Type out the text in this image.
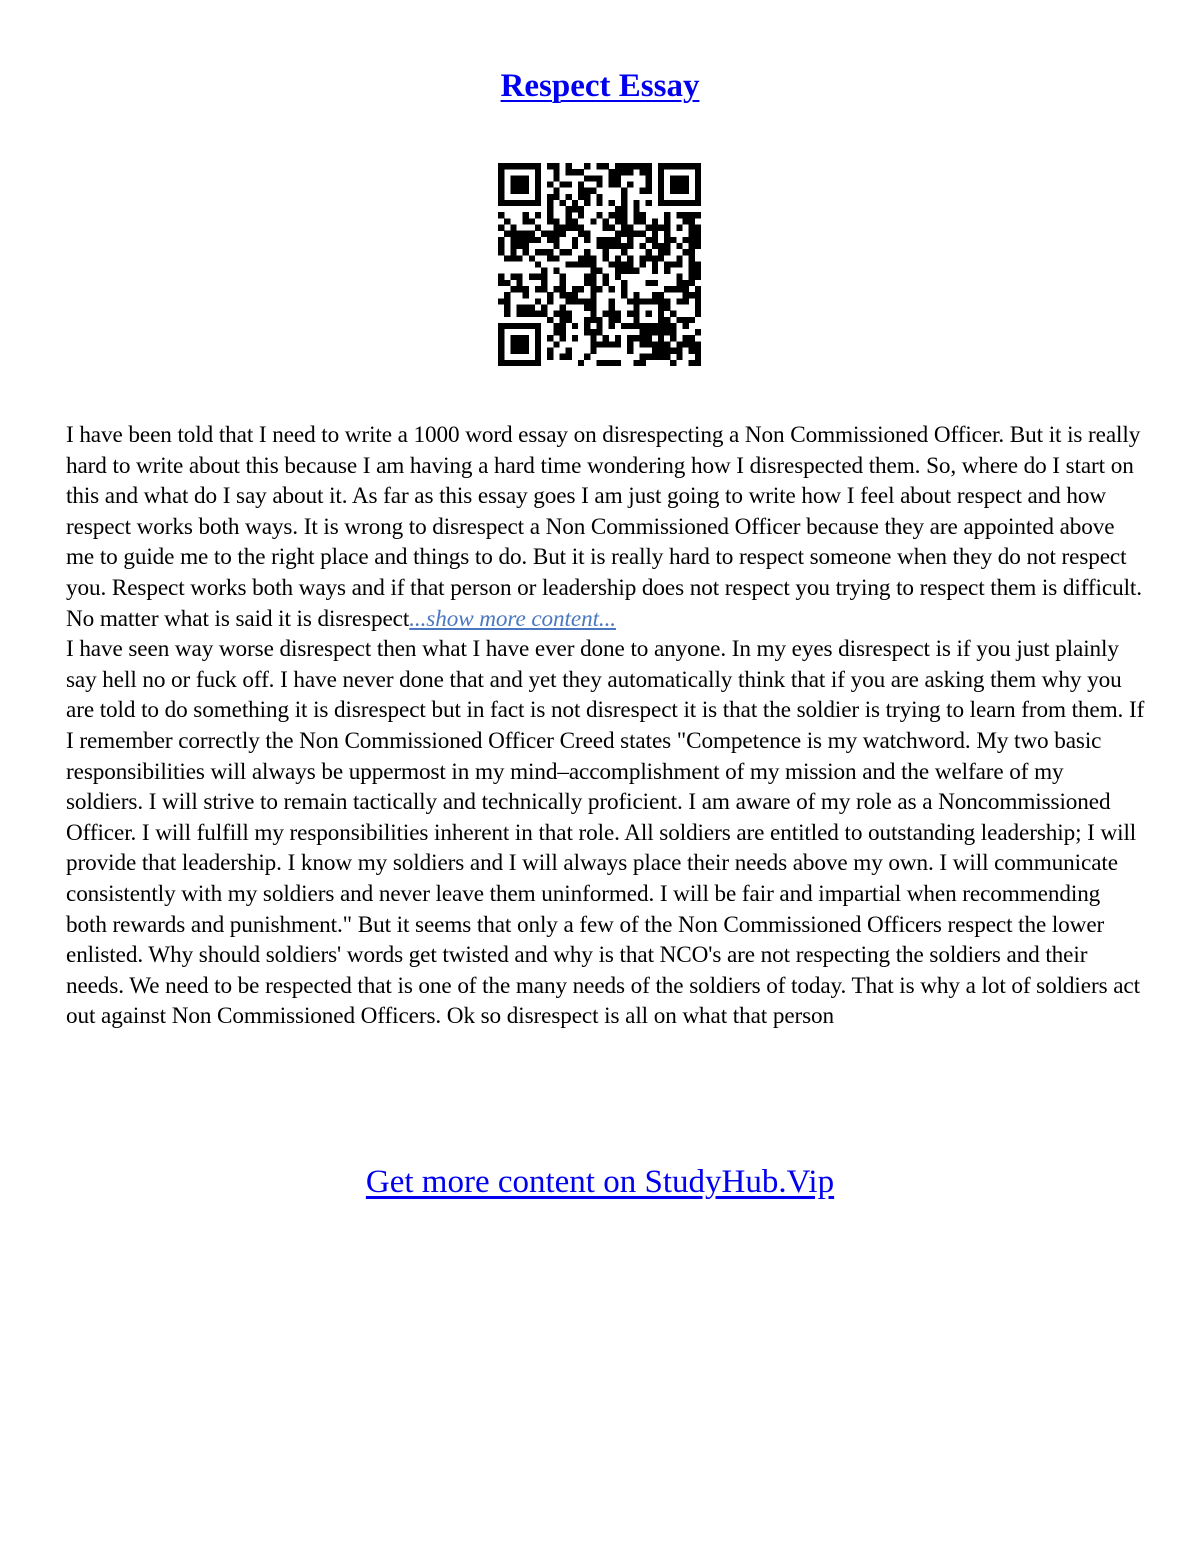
Respect Essay

I have been told that I need to write a 1000 word essay on disrespecting a Non Commissioned Officer. But it is really hard to write about this because I am having a hard time wondering how I disrespected them. So, where do I start on this and what do I say about it. As far as this essay goes I am just going to write how I feel about respect and how respect works both ways. It is wrong to disrespect a Non Commissioned Officer because they are appointed above me to guide me to the right place and things to do. But it is really hard to respect someone when they do not respect you. Respect works both ways and if that person or leadership does not respect you trying to respect them is difficult. No matter what is said it is disrespect...show more content...

I have seen way worse disrespect then what I have ever done to anyone. In my eyes disrespect is if you just plainly say hell no or fuck off. I have never done that and yet they automatically think that if you are asking them why you are told to do something it is disrespect but in fact is not disrespect it is that the soldier is trying to learn from them. If I remember correctly the Non Commissioned Officer Creed states "Competence is my watchword. My two basic responsibilities will always be uppermost in my mind–accomplishment of my mission and the welfare of my soldiers. I will strive to remain tactically and technically proficient. I am aware of my role as a Noncommissioned Officer. I will fulfill my responsibilities inherent in that role. All soldiers are entitled to outstanding leadership; I will provide that leadership. I know my soldiers and I will always place their needs above my own. I will communicate consistently with my soldiers and never leave them uninformed. I will be fair and impartial when recommending both rewards and punishment." But it seems that only a few of the Non Commissioned Officers respect the lower enlisted. Why should soldiers' words get twisted and why is that NCO's are not respecting the soldiers and their needs. We need to be respected that is one of the many needs of the soldiers of today. That is why a lot of soldiers act out against Non Commissioned Officers. Ok so disrespect is all on what that person

Get more content on StudyHub.Vip
